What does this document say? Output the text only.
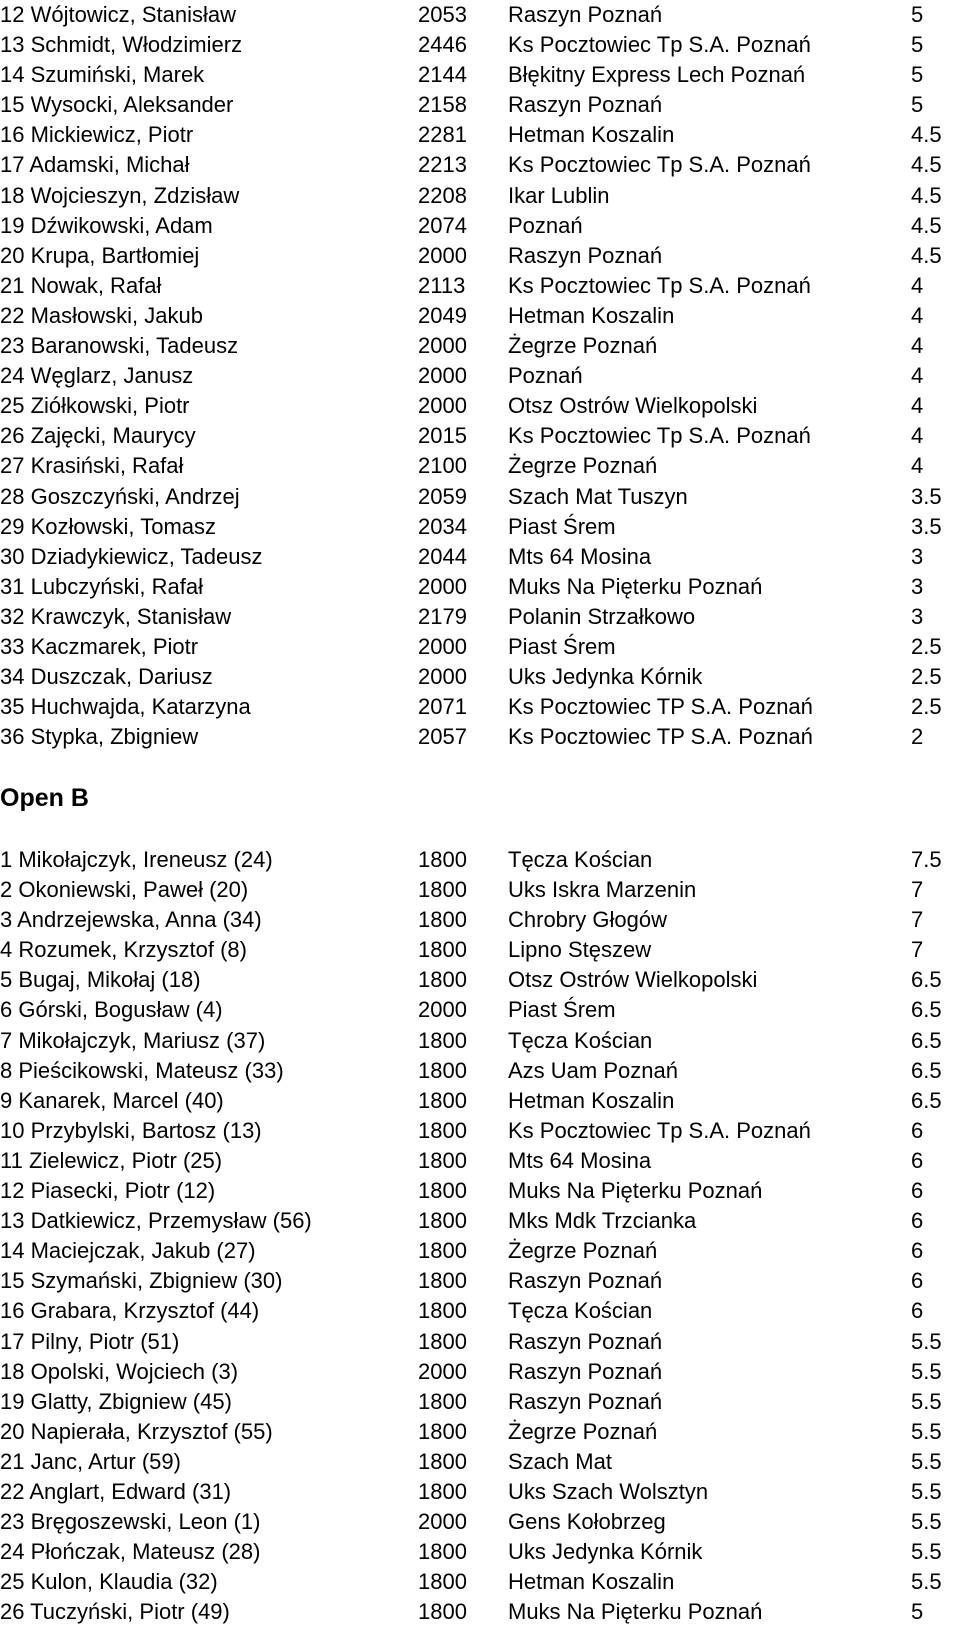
12 Wójtowicz, Stanisław	2053 Raszyn Poznań	5
13 Schmidt, Włodzimierz	2446 Ks Pocztowiec Tp S.A. Poznań	5
14 Szumiński, Marek	2144 Błękitny Express Lech Poznań	5
15 Wysocki, Aleksander	2158 Raszyn Poznań	5
16 Mickiewicz, Piotr	2281 Hetman Koszalin	4.5
17 Adamski, Michał	2213 Ks Pocztowiec Tp S.A. Poznań	4.5
18 Wojcieszyn, Zdzisław	2208 Ikar Lublin	4.5
19 Dźwikowski, Adam	2074 Poznań	4.5
20 Krupa, Bartłomiej	2000 Raszyn Poznań	4.5
21 Nowak, Rafał	2113 Ks Pocztowiec Tp S.A. Poznań	4
22 Masłowski, Jakub	2049 Hetman Koszalin	4
23 Baranowski, Tadeusz	2000 Żegrze Poznań	4
24 Węglarz, Janusz	2000 Poznań	4
25 Ziółkowski, Piotr	2000 Otsz Ostrów Wielkopolski	4
26 Zajęcki, Maurycy	2015 Ks Pocztowiec Tp S.A. Poznań	4
27 Krasiński, Rafał	2100 Żegrze Poznań	4
28 Goszczyński, Andrzej	2059 Szach Mat Tuszyn	3.5
29 Kozłowski, Tomasz	2034 Piast Śrem	3.5
30 Dziadykiewicz, Tadeusz	2044 Mts 64 Mosina	3
31 Lubczyński, Rafał	2000 Muks Na Pięterku Poznań	3
32 Krawczyk, Stanisław	2179 Polanin Strzałkowo	3
33 Kaczmarek, Piotr	2000 Piast Śrem	2.5
34 Duszczak, Dariusz	2000 Uks Jedynka Kórnik	2.5
35 Huchwajda, Katarzyna	2071 Ks Pocztowiec TP S.A. Poznań	2.5
36 Stypka, Zbigniew	2057 Ks Pocztowiec TP S.A. Poznań	2
Open B
1 Mikołajczyk, Ireneusz (24)	1800 Tęcza Kościan	7.5
2 Okoniewski, Paweł (20)	1800 Uks Iskra Marzenin	7
3 Andrzejewska, Anna (34)	1800 Chrobry Głogów	7
4 Rozumek, Krzysztof (8)	1800 Lipno Stęszew	7
5 Bugaj, Mikołaj (18)	1800 Otsz Ostrów Wielkopolski	6.5
6 Górski, Bogusław (4)	2000 Piast Śrem	6.5
7 Mikołajczyk, Mariusz (37)	1800 Tęcza Kościan	6.5
8 Pieścikowski, Mateusz (33)	1800 Azs Uam Poznań	6.5
9 Kanarek, Marcel (40)	1800 Hetman Koszalin	6.5
10 Przybylski, Bartosz (13)	1800 Ks Pocztowiec Tp S.A. Poznań	6
11 Zielewicz, Piotr (25)	1800 Mts 64 Mosina	6
12 Piasecki, Piotr (12)	1800 Muks Na Pięterku Poznań	6
13 Datkiewicz, Przemysław (56)	1800 Mks Mdk Trzcianka	6
14 Maciejczak, Jakub (27)	1800 Żegrze Poznań	6
15 Szymański, Zbigniew (30)	1800 Raszyn Poznań	6
16 Grabara, Krzysztof (44)	1800 Tęcza Kościan	6
17 Pilny, Piotr (51)	1800 Raszyn Poznań	5.5
18 Opolski, Wojciech (3)	2000 Raszyn Poznań	5.5
19 Glatty, Zbigniew (45)	1800 Raszyn Poznań	5.5
20 Napierała, Krzysztof (55)	1800 Żegrze Poznań	5.5
21 Janc, Artur (59)	1800 Szach Mat	5.5
22 Anglart, Edward (31)	1800 Uks Szach Wolsztyn	5.5
23 Bręgoszewski, Leon (1)	2000 Gens Kołobrzeg	5.5
24 Płończak, Mateusz (28)	1800 Uks Jedynka Kórnik	5.5
25 Kulon, Klaudia (32)	1800 Hetman Koszalin	5.5
26 Tuczyński, Piotr (49)	1800 Muks Na Pięterku Poznań	5
